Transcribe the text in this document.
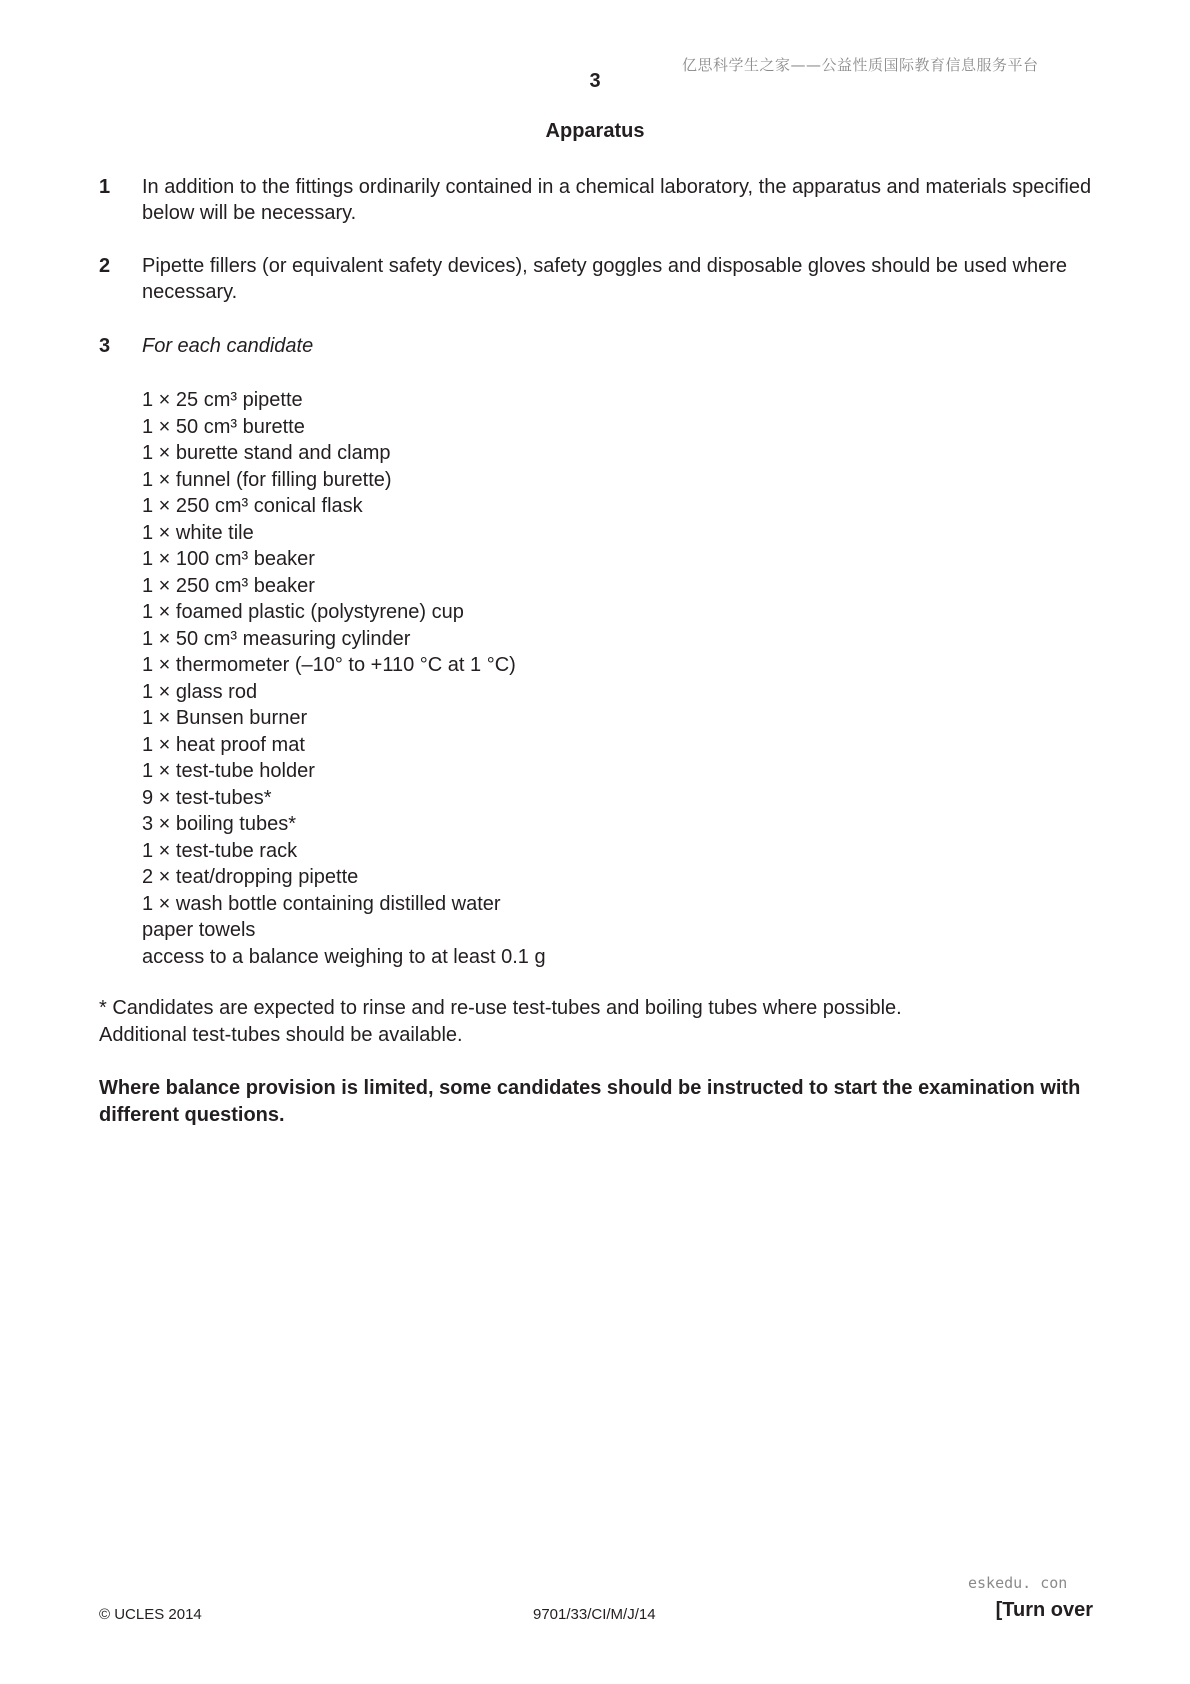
亿思科学生之家——公益性质国际教育信息服务平台
3
Apparatus
1 In addition to the fittings ordinarily contained in a chemical laboratory, the apparatus and materials specified below will be necessary.
2 Pipette fillers (or equivalent safety devices), safety goggles and disposable gloves should be used where necessary.
3 For each candidate
1 × 25 cm³ pipette
1 × 50 cm³ burette
1 × burette stand and clamp
1 × funnel (for filling burette)
1 × 250 cm³ conical flask
1 × white tile
1 × 100 cm³ beaker
1 × 250 cm³ beaker
1 × foamed plastic (polystyrene) cup
1 × 50 cm³ measuring cylinder
1 × thermometer (–10° to +110 °C at 1 °C)
1 × glass rod
1 × Bunsen burner
1 × heat proof mat
1 × test-tube holder
9 × test-tubes*
3 × boiling tubes*
1 × test-tube rack
2 × teat/dropping pipette
1 × wash bottle containing distilled water
paper towels
access to a balance weighing to at least 0.1 g
* Candidates are expected to rinse and re-use test-tubes and boiling tubes where possible.
Additional test-tubes should be available.
Where balance provision is limited, some candidates should be instructed to start the examination with different questions.
eskedu. con
© UCLES 2014	9701/33/CI/M/J/14	[Turn over
